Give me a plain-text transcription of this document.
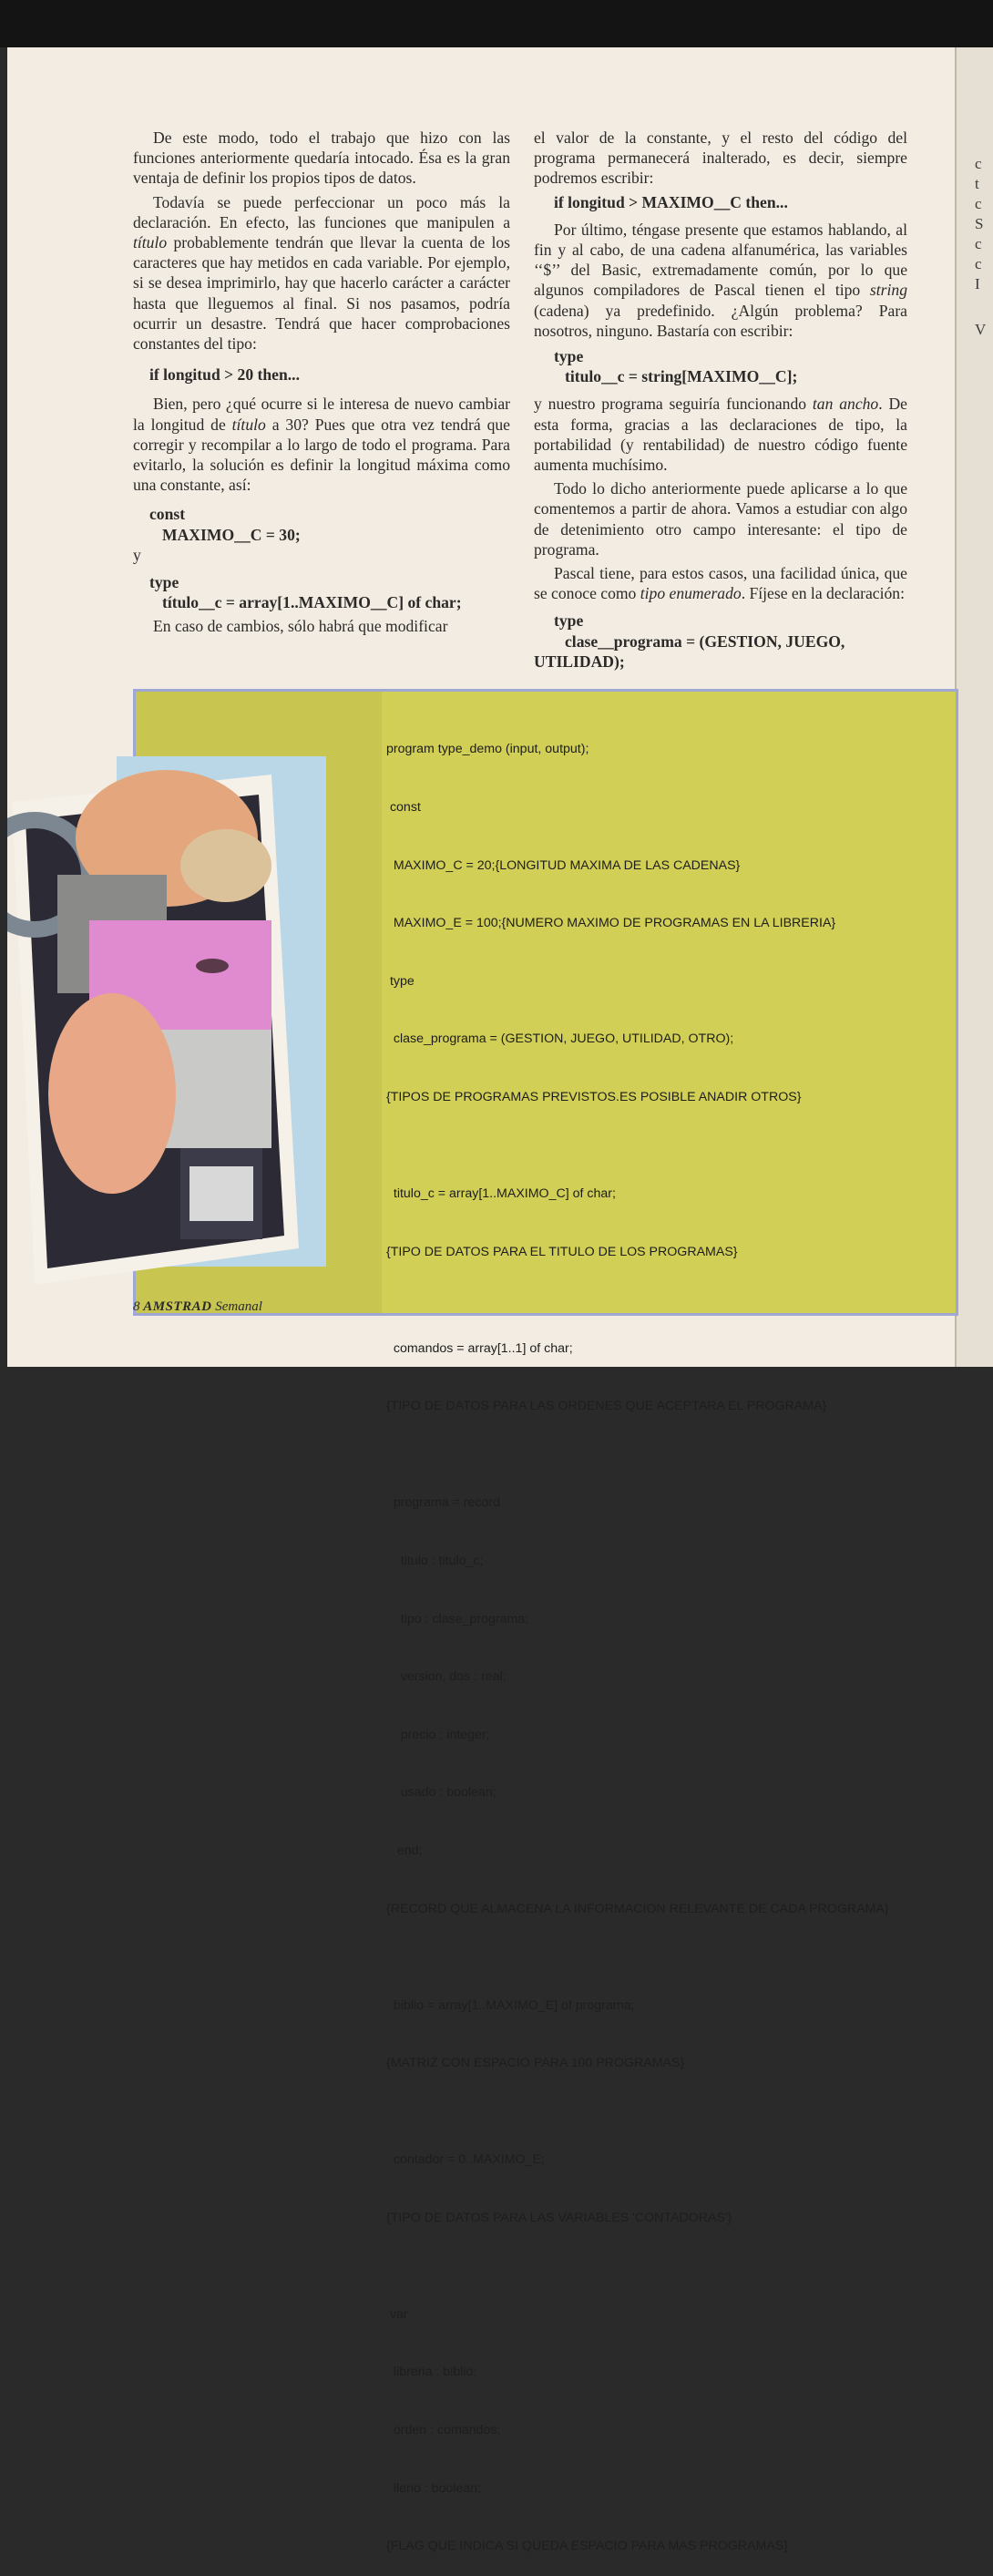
c
t
c
S
c
c
I
V

De este modo, todo el trabajo que hizo con las funciones anteriormente quedaría intocado. Ésa es la gran ventaja de definir los propios tipos de datos.

Todavía se puede perfeccionar un poco más la declaración. En efecto, las funciones que manipulen a título probablemente tendrán que llevar la cuenta de los caracteres que hay metidos en cada variable. Por ejemplo, si se desea imprimirlo, hay que hacerlo carácter a carácter hasta que lleguemos al final. Si nos pasamos, podría ocurrir un desastre. Tendrá que hacer comprobaciones constantes del tipo:

if longitud > 20 then...

Bien, pero ¿qué ocurre si le interesa de nuevo cambiar la longitud de título a 30? Pues que otra vez tendrá que corregir y recompilar a lo largo de todo el programa. Para evitarlo, la solución es definir la longitud máxima como una constante, así:

const
MAXIMO__C = 30;
y
type
título__c = array[1..MAXIMO__C] of char;

En caso de cambios, sólo habrá que modificar

el valor de la constante, y el resto del código del programa permanecerá inalterado, es decir, siempre podremos escribir:

if longitud > MAXIMO__C then...

Por último, téngase presente que estamos hablando, al fin y al cabo, de una cadena alfanumérica, las variables ‘‘$’’ del Basic, extremadamente común, por lo que algunos compiladores de Pascal tienen el tipo string (cadena) ya predefinido. ¿Algún problema? Para nosotros, ninguno. Bastaría con escribir:

type
titulo__c = string[MAXIMO__C];

y nuestro programa seguiría funcionando tan ancho. De esta forma, gracias a las declaraciones de tipo, la portabilidad (y rentabilidad) de nuestro código fuente aumenta muchísimo.

Todo lo dicho anteriormente puede aplicarse a lo que comentemos a partir de ahora. Vamos a estudiar con algo de detenimiento otro campo interesante: el tipo de programa.

Pascal tiene, para estos casos, una facilidad única, que se conoce como tipo enumerado. Fíjese en la declaración:

type
clase__programa = (GESTION, JUEGO,
UTILIDAD);

program type_demo (input, output);

const

MAXIMO_C = 20;{LONGITUD MAXIMA DE LAS CADENAS}

MAXIMO_E = 100;{NUMERO MAXIMO DE PROGRAMAS EN LA LIBRERIA}

type

clase_programa = (GESTION, JUEGO, UTILIDAD, OTRO);

{TIPOS DE PROGRAMAS PREVISTOS.ES POSIBLE ANADIR OTROS}

titulo_c = array[1..MAXIMO_C] of char;

{TIPO DE DATOS PARA EL TITULO DE LOS PROGRAMAS}

comandos = array[1..1] of char;

{TIPO DE DATOS PARA LAS ORDENES QUE ACEPTARA EL PROGRAMA}

programa = record

titulo : titulo_c;

tipo : clase_programa;

version, dos : real;

precio : integer;

usado : boolean;

end;

{RECORD QUE ALMACENA LA INFORMACION RELEVANTE DE CADA PROGRAMA}

biblio = array[1..MAXIMO_E] of programa;

{MATRIZ CON ESPACIO PARA 100 PROGRAMAS}

contador = 0..MAXIMO_E;

{TIPO DE DATOS PARA LAS VARIABLES 'CONTADORAS'}

var

libreria : biblio;

orden : comandos;

lleno : boolean;

{FLAG QUE INDICA SI QUEDA ESPACIO PARA MAS PROGRAMAS}

8 AMSTRAD Semanal
